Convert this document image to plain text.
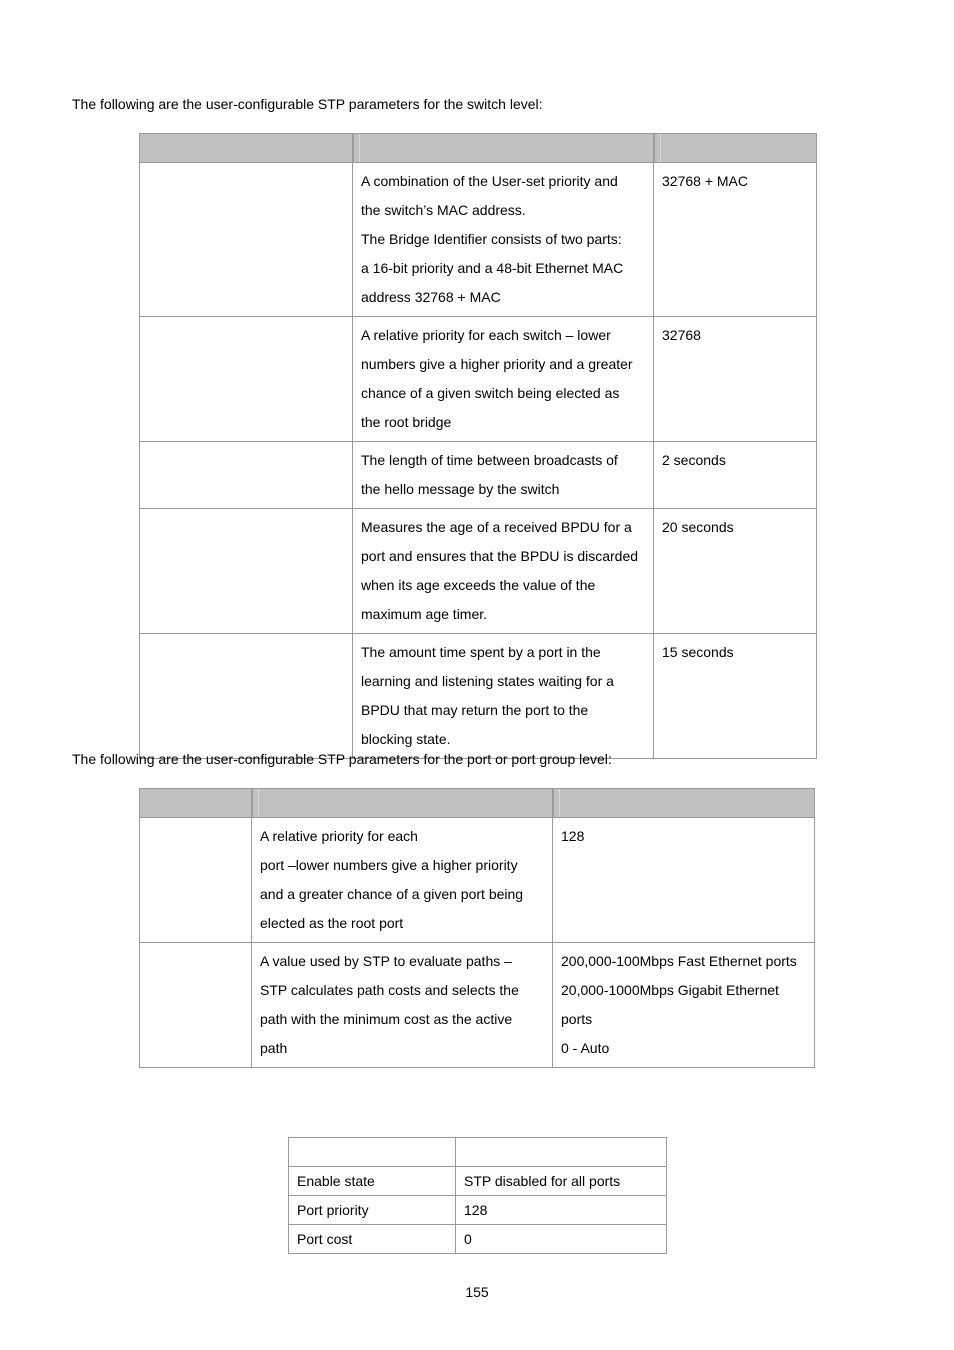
The following are the user-configurable STP parameters for the switch level:

	A combination of the User-set priority and
the switch’s MAC address.
The Bridge Identifier consists of two parts:
a 16-bit priority and a 48-bit Ethernet MAC
address 32768 + MAC	32768 + MAC

	A relative priority for each switch – lower
numbers give a higher priority and a greater
chance of a given switch being elected as
the root bridge	32768

	The length of time between broadcasts of
the hello message by the switch	2 seconds

	Measures the age of a received BPDU for a
port and ensures that the BPDU is discarded
when its age exceeds the value of the
maximum age timer.	20 seconds

	The amount time spent by a port in the
learning and listening states waiting for a
BPDU that may return the port to the
blocking state.	15 seconds

The following are the user-configurable STP parameters for the port or port group level:

	A relative priority for each
port –lower numbers give a higher priority
and a greater chance of a given port being
elected as the root port	128

	A value used by STP to evaluate paths –
STP calculates path costs and selects the
path with the minimum cost as the active
path	200,000-100Mbps Fast Ethernet ports
20,000-1000Mbps Gigabit Ethernet
ports
0 - Auto

Enable state	STP disabled for all ports
Port priority	128
Port cost	0
155
